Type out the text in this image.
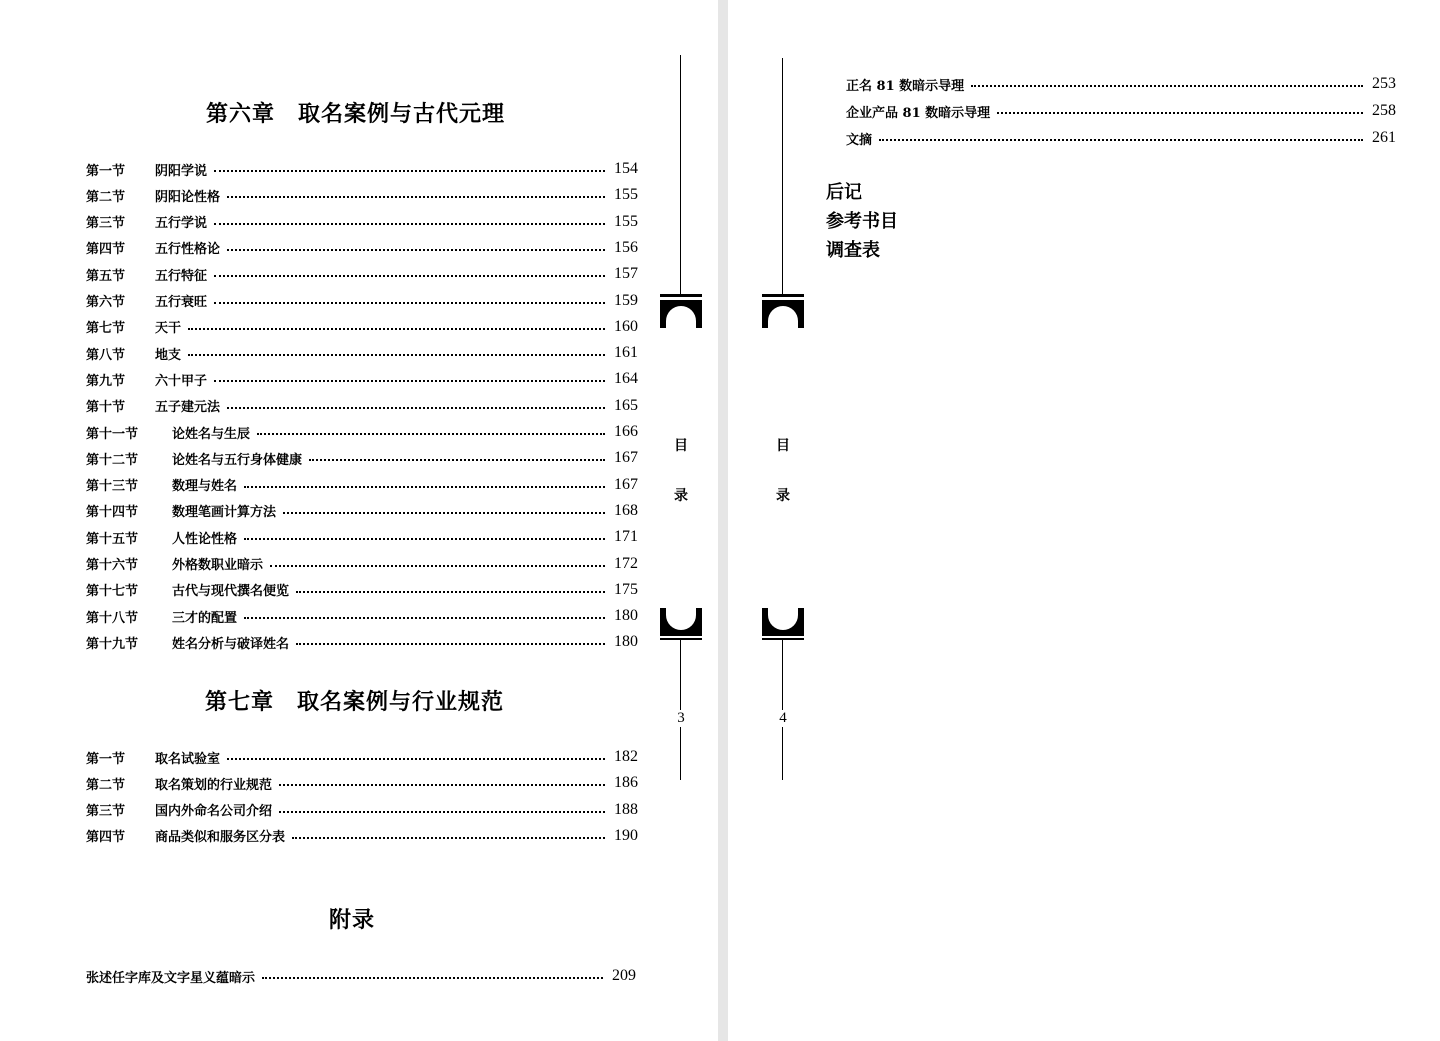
第六章　取名案例与古代元理
第一节	阴阳学说	154
第二节	阴阳论性格	155
第三节	五行学说	155
第四节	五行性格论	156
第五节	五行特征	157
第六节	五行衰旺	159
第七节	天干	160
第八节	地支	161
第九节	六十甲子	164
第十节	五子建元法	165
第十一节	论姓名与生辰	166
第十二节	论姓名与五行身体健康	167
第十三节	数理与姓名	167
第十四节	数理笔画计算方法	168
第十五节	人性论性格	171
第十六节	外格数职业暗示	172
第十七节	古代与现代撰名便览	175
第十八节	三才的配置	180
第十九节	姓名分析与破译姓名	180
第七章　取名案例与行业规范
第一节	取名试验室	182
第二节	取名策划的行业规范	186
第三节	国内外命名公司介绍	188
第四节	商品类似和服务区分表	190
附录
张述任字库及文字星义蕴暗示	209
目
录
3
正名 81 数暗示导理	253
企业产品 81 数暗示导理	258
文摘	261
后记
参考书目
调查表
目
录
4
